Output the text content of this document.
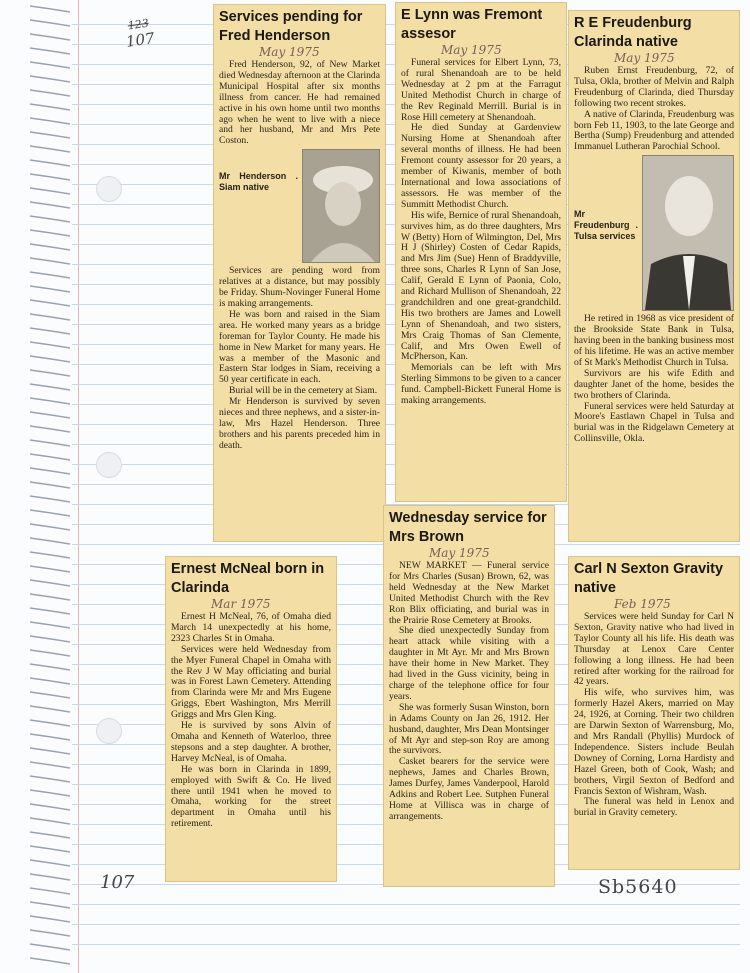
123
107
107	Sb5640
Services pending for Fred Henderson
May 1975

Fred Henderson, 92, of New Market died Wednesday afternoon at the Clarinda Municipal Hospital after six months illness from cancer. He had remained active in his own home until two months ago when he went to live with a niece and her husband, Mr and Mrs Pete Coston.

Mr Henderson . Siam native

Services are pending word from relatives at a distance, but may possibly be Friday. Shum-Novinger Funeral Home is making arrangements.

He was born and raised in the Siam area. He worked many years as a bridge foreman for Taylor County. He made his home in New Market for many years. He was a member of the Masonic and Eastern Star lodges in Siam, receiving a 50 year certificate in each.

Burial will be in the cemetery at Siam.

Mr Henderson is survived by seven nieces and three nephews, and a sister-in-law, Mrs Hazel Henderson. Three brothers and his parents preceded him in death.

E Lynn was Fremont assesor
May 1975

Funeral services for Elbert Lynn, 73, of rural Shenandoah are to be held Wednesday at 2 pm at the Farragut United Methodist Church in charge of the Rev Reginald Merrill. Burial is in Rose Hill cemetery at Shenandoah.

He died Sunday at Gardenview Nursing Home at Shenandoah after several months of illness. He had been Fremont county assessor for 20 years, a member of Kiwanis, member of both International and Iowa associations of assessors. He was member of the Summitt Methodist Church.

His wife, Bernice of rural Shenandoah, survives him, as do three daughters, Mrs W (Betty) Horn of Wilmington, Del, Mrs H J (Shirley) Costen of Cedar Rapids, and Mrs Jim (Sue) Henn of Braddyville, three sons, Charles R Lynn of San Jose, Calif, Gerald E Lynn of Paonia, Colo, and Richard Mullison of Shenandoah, 22 grandchildren and one great-grandchild. His two brothers are James and Lowell Lynn of Shenandoah, and two sisters, Mrs Craig Thomas of San Clemente, Calif, and Mrs Owen Ewell of McPherson, Kan.

Memorials can be left with Mrs Sterling Simmons to be given to a cancer fund. Campbell-Bickett Funeral Home is making arrangements.

R E Freudenburg Clarinda native
May 1975

Ruben Ernst Freudenburg, 72, of Tulsa, Okla, brother of Melvin and Ralph Freudenburg of Clarinda, died Thursday following two recent strokes.

A native of Clarinda, Freudenburg was born Feb 11, 1903, to the late George and Bertha (Sump) Freudenburg and attended Immanuel Lutheran Parochial School.

Mr Freudenburg . Tulsa services

He retired in 1968 as vice president of the Brookside State Bank in Tulsa, having been in the banking business most of his lifetime. He was an active member of St Mark's Methodist Church in Tulsa.

Survivors are his wife Edith and daughter Janet of the home, besides the two brothers of Clarinda.

Funeral services were held Saturday at Moore's Eastlawn Chapel in Tulsa and burial was in the Ridgelawn Cemetery at Collinsville, Okla.

Wednesday service for Mrs Brown
May 1975

NEW MARKET — Funeral service for Mrs Charles (Susan) Brown, 62, was held Wednesday at the New Market United Methodist Church with the Rev Ron Blix officiating, and burial was in the Prairie Rose Cemetery at Brooks.

She died unexpectedly Sunday from heart attack while visiting with a daughter in Mt Ayr. Mr and Mrs Brown have their home in New Market. They had lived in the Guss vicinity, being in charge of the telephone office for four years.

She was formerly Susan Winston, born in Adams County on Jan 26, 1912. Her husband, daughter, Mrs Dean Montsinger of Mt Ayr and step-son Roy are among the survivors.

Casket bearers for the service were nephews, James and Charles Brown, James Durfey, James Vanderpool, Harold Adkins and Robert Lee. Sutphen Funeral Home at Villisca was in charge of arrangements.

Ernest McNeal born in Clarinda
Mar 1975

Ernest H McNeal, 76, of Omaha died March 14 unexpectedly at his home, 2323 Charles St in Omaha.

Services were held Wednesday from the Myer Funeral Chapel in Omaha with the Rev J W May officiating and burial was in Forest Lawn Cemetery. Attending from Clarinda were Mr and Mrs Eugene Griggs, Ebert Washington, Mrs Merrill Griggs and Mrs Glen King.

He is survived by sons Alvin of Omaha and Kenneth of Waterloo, three stepsons and a step daughter. A brother, Harvey McNeal, is of Omaha.

He was born in Clarinda in 1899, employed with Swift & Co. He lived there until 1941 when he moved to Omaha, working for the street department in Omaha until his retirement.

Carl N Sexton Gravity native
Feb 1975

Services were held Sunday for Carl N Sexton, Gravity native who had lived in Taylor County all his life. His death was Thursday at Lenox Care Center following a long illness. He had been retired after working for the railroad for 42 years.

His wife, who survives him, was formerly Hazel Akers, married on May 24, 1926, at Corning. Their two children are Darwin Sexton of Warrensburg, Mo, and Mrs Randall (Phyllis) Murdock of Independence. Sisters include Beulah Downey of Corning, Lorna Hardisty and Hazel Green, both of Cook, Wash; and brothers, Virgil Sexton of Bedford and Francis Sexton of Wishram, Wash.

The funeral was held in Lenox and burial in Gravity cemetery.
